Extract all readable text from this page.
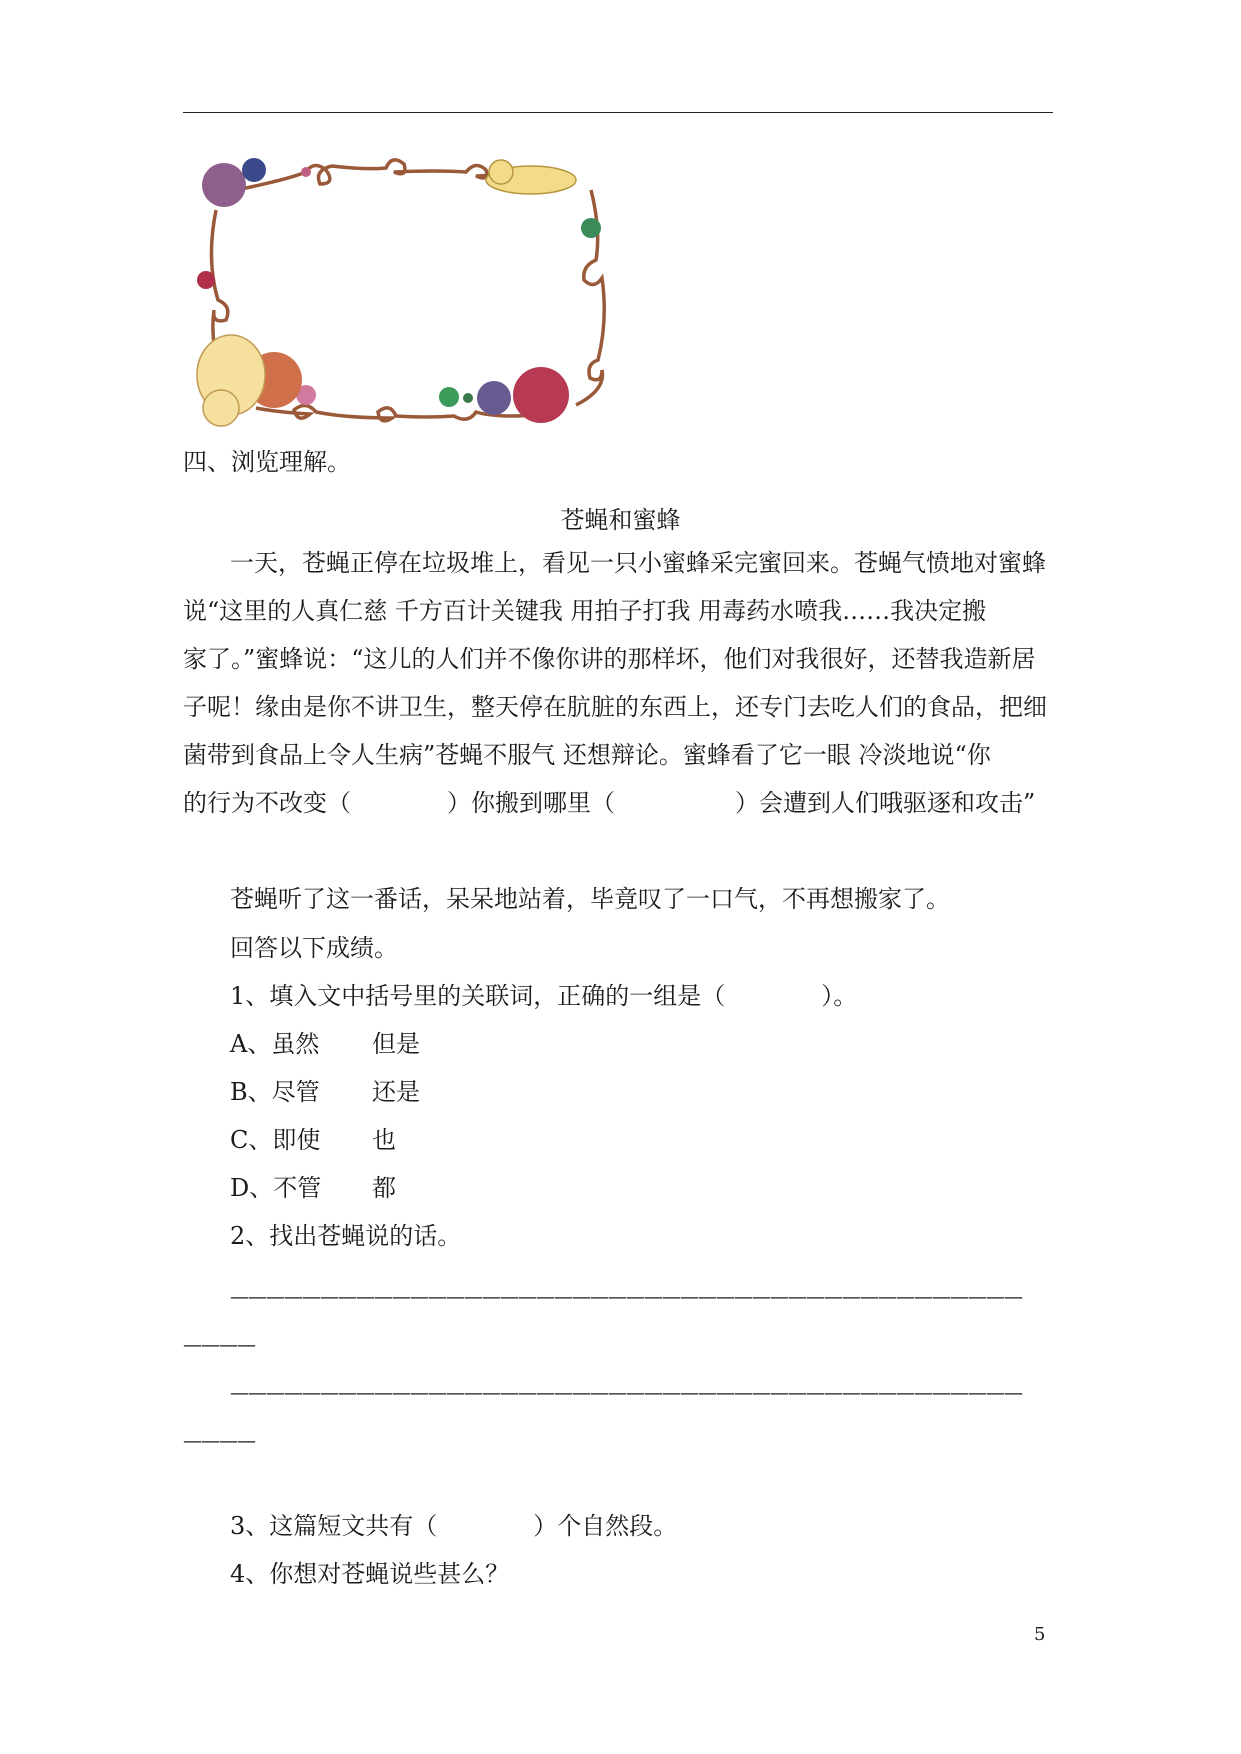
四、浏览理解。
苍蝇和蜜蜂
一天，苍蝇正停在垃圾堆上，看见一只小蜜蜂采完蜜回来。苍蝇气愤地对蜜蜂
说“这里的人真仁慈 千方百计关键我 用拍子打我 用毒药水喷我……我决定搬
家了。”蜜蜂说：“这儿的人们并不像你讲的那样坏，他们对我很好，还替我造新居
子呢！缘由是你不讲卫生，整天停在肮脏的东西上，还专门去吃人们的食品，把细
菌带到食品上令人生病”苍蝇不服气 还想辩论。蜜蜂看了它一眼 冷淡地说“你
的行为不改变（　　　　）你搬到哪里（　　　　　）会遭到人们哦驱逐和攻击”
苍蝇听了这一番话，呆呆地站着，毕竟叹了一口气，不再想搬家了。
回答以下成绩。
1、填入文中括号里的关联词，正确的一组是（　　　　）。
A、虽然 但是
B、尽管 还是
C、即使 也
D、不管 都
2、找出苍蝇说的话。
————————————————————————————————————————————
————
————————————————————————————————————————————
————
3、这篇短文共有（　　　　）个自然段。
4、你想对苍蝇说些甚么？
5
